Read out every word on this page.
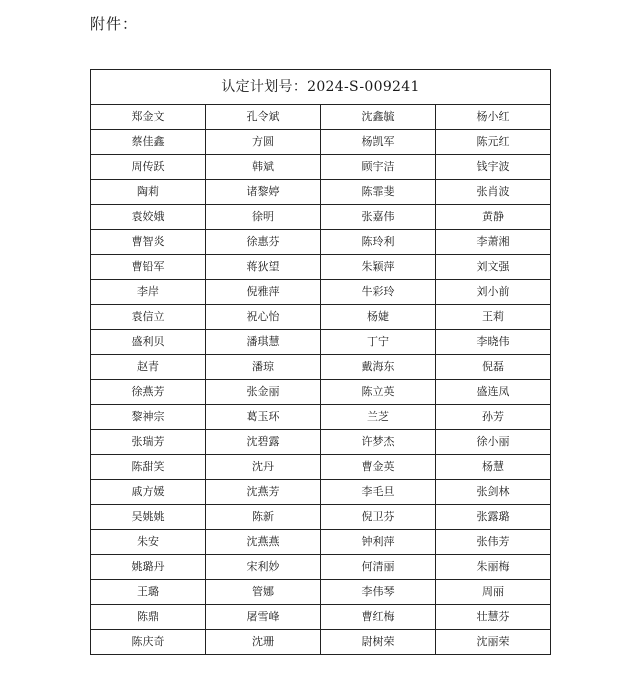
附件：
认定计划号：2024-S-009241			
郑金文	孔令斌	沈鑫毓	杨小红
蔡佳鑫	方圆	杨凯军	陈元红
周传跃	韩斌	顾宇洁	钱宇波
陶莉	诸黎婷	陈霏斐	张肖波
袁姣娥	徐明	张嘉伟	黄静
曹智炎	徐惠芬	陈玲利	李萧湘
曹铅军	蒋狄望	朱颖萍	刘文强
李岸	倪雅萍	牛彩玲	刘小前
袁信立	祝心怡	杨婕	王莉
盛利贝	潘琪慧	丁宁	李晓伟
赵青	潘琼	戴海东	倪磊
徐燕芳	张金丽	陈立英	盛连凤
黎神宗	葛玉环	兰芝	孙芳
张瑞芳	沈碧露	许梦杰	徐小丽
陈甜笑	沈丹	曹金英	杨慧
戚方媛	沈燕芳	李毛旦	张剑林
吴姚姚	陈新	倪卫芬	张露璐
朱安	沈燕燕	钟利萍	张伟芳
姚璐丹	宋利妙	何清丽	朱丽梅
王璐	管娜	李伟琴	周丽
陈鼎	屠雪峰	曹红梅	壮慧芬
陈庆奇	沈珊	尉树荣	沈丽荣
